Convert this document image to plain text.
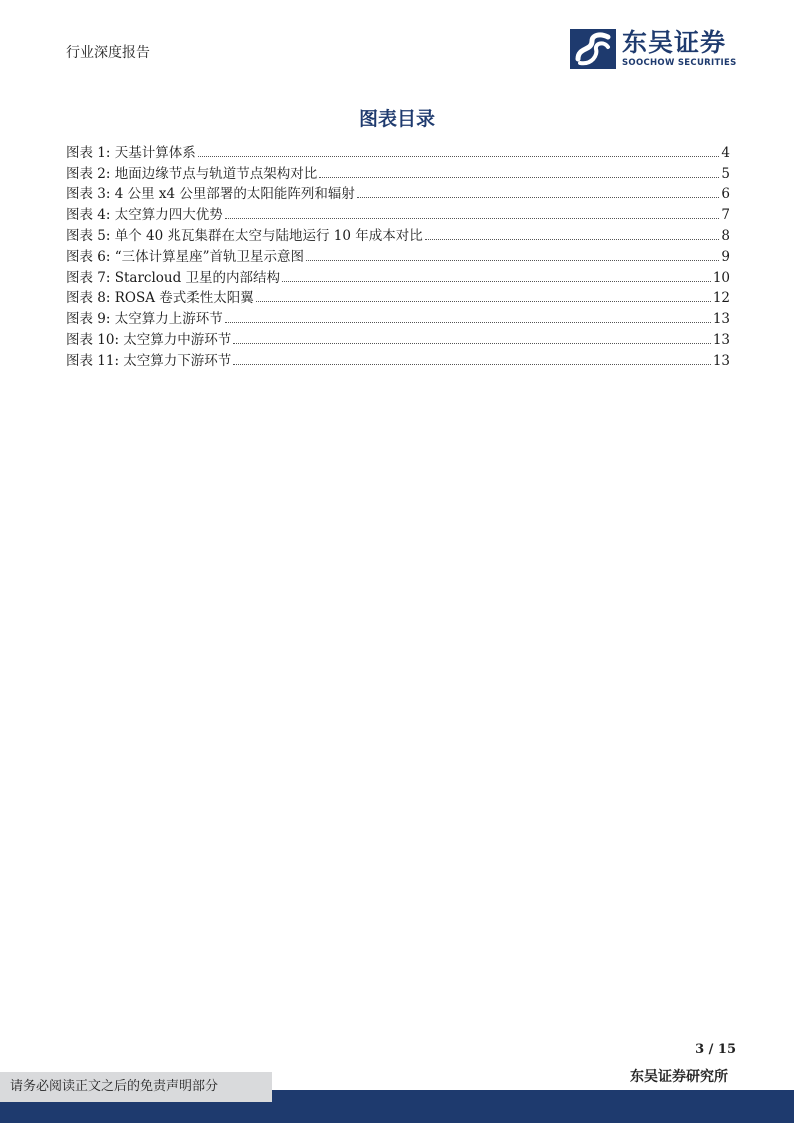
行业深度报告	东吴证券
SOOCHOW SECURITIES
图表目录
图表 1: 天基计算体系	4
图表 2: 地面边缘节点与轨道节点架构对比	5
图表 3: 4 公里 x4 公里部署的太阳能阵列和辐射	6
图表 4: 太空算力四大优势	7
图表 5: 单个 40 兆瓦集群在太空与陆地运行 10 年成本对比	8
图表 6: “三体计算星座”首轨卫星示意图	9
图表 7: Starcloud 卫星的内部结构	10
图表 8: ROSA 卷式柔性太阳翼	12
图表 9: 太空算力上游环节	13
图表 10: 太空算力中游环节	13
图表 11: 太空算力下游环节	13
3 / 15
请务必阅读正文之后的免责声明部分
东吴证券研究所
